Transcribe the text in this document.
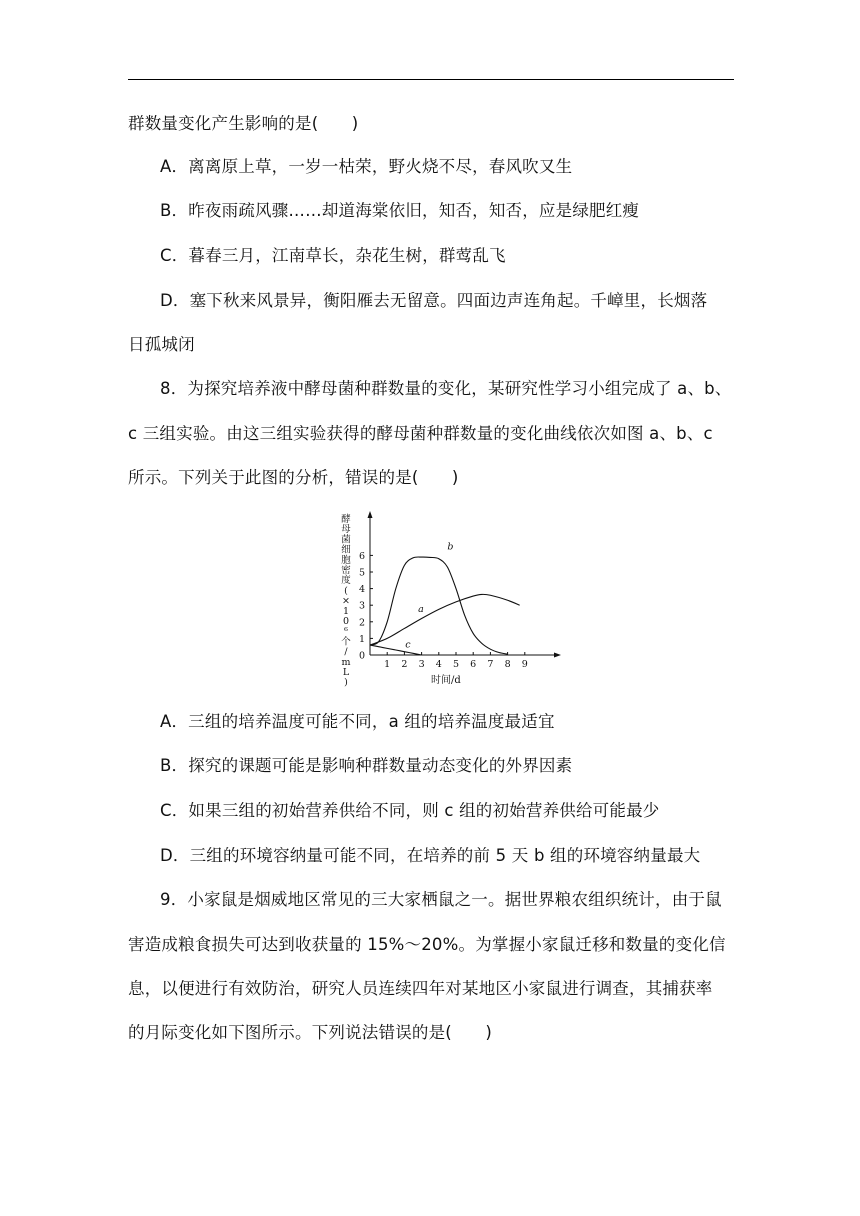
群数量变化产生影响的是(　　)
A．离离原上草，一岁一枯荣，野火烧不尽，春风吹又生
B．昨夜雨疏风骤……却道海棠依旧，知否，知否，应是绿肥红瘦
C．暮春三月，江南草长，杂花生树，群莺乱飞
D．塞下秋来风景异，衡阳雁去无留意。四面边声连角起。千嶂里，长烟落
日孤城闭
8．为探究培养液中酵母菌种群数量的变化，某研究性学习小组完成了 a、b、
c 三组实验。由这三组实验获得的酵母菌种群数量的变化曲线依次如图 a、b、c
所示。下列关于此图的分析，错误的是(　　)
酵
母
菌
细
胞
密
度
(
×
1
0
⁶
个
/
m
L
)
0
1
2
3
4
5
6
1 2 3 4 5 6 7 8 9
b
a
c
时间/d
A．三组的培养温度可能不同，a 组的培养温度最适宜
B．探究的课题可能是影响种群数量动态变化的外界因素
C．如果三组的初始营养供给不同，则 c 组的初始营养供给可能最少
D．三组的环境容纳量可能不同，在培养的前 5 天 b 组的环境容纳量最大
9．小家鼠是烟威地区常见的三大家栖鼠之一。据世界粮农组织统计，由于鼠
害造成粮食损失可达到收获量的 15%～20%。为掌握小家鼠迁移和数量的变化信
息，以便进行有效防治，研究人员连续四年对某地区小家鼠进行调查，其捕获率
的月际变化如下图所示。下列说法错误的是(　　)
